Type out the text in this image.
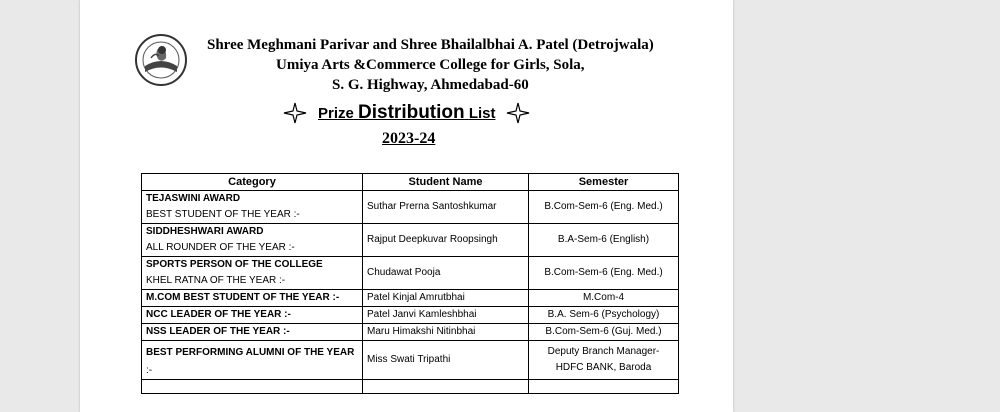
Shree Meghmani Parivar and Shree Bhailalbhai A. Patel (Detrojwala)
Umiya Arts &Commerce College for Girls, Sola,
S. G. Highway, Ahmedabad-60
Prize Distribution List
2023-24
Category	Student Name	Semester

TEJASWINI AWARD
BEST STUDENT OF THE YEAR :-	Suthar Prerna Santoshkumar	B.Com-Sem-6 (Eng. Med.)

SIDDHESHWARI AWARD
ALL ROUNDER OF THE YEAR :-	Rajput Deepkuvar Roopsingh	B.A-Sem-6 (English)

SPORTS PERSON OF THE COLLEGE
KHEL RATNA OF THE YEAR :-	Chudawat Pooja	B.Com-Sem-6 (Eng. Med.)

M.COM BEST STUDENT OF THE YEAR :-	Patel Kinjal Amrutbhai	M.Com-4

NCC LEADER OF THE YEAR :-	Patel Janvi Kamleshbhai	B.A. Sem-6 (Psychology)

NSS LEADER OF THE YEAR :-	Maru Himakshi Nitinbhai	B.Com-Sem-6 (Guj. Med.)

BEST PERFORMING ALUMNI OF THE YEAR
:-	Miss Swati Tripathi	Deputy Branch Manager-
HDFC BANK, Baroda
